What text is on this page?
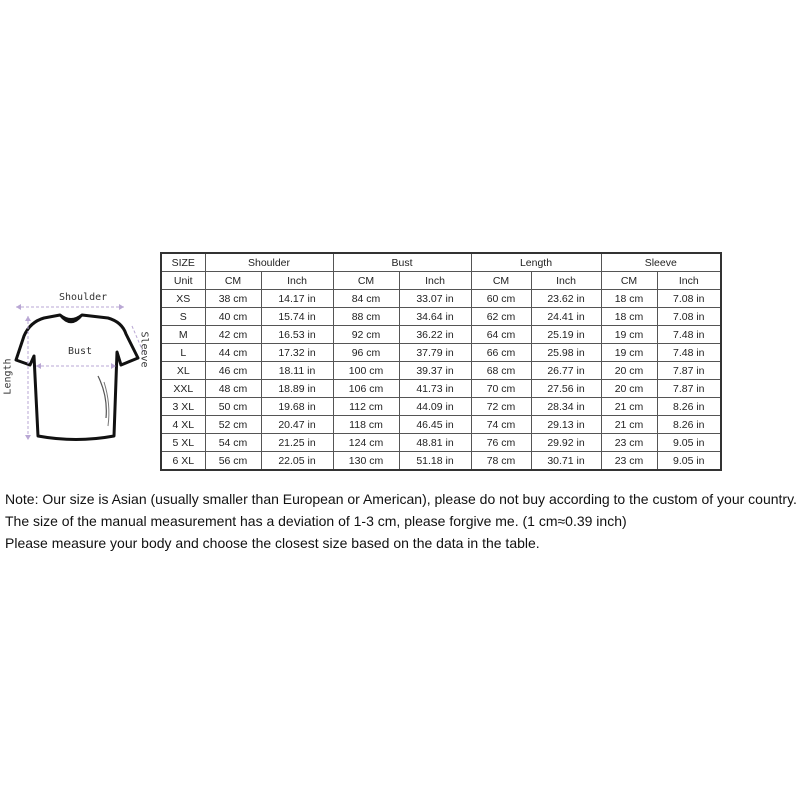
Shoulder
Bust
Length
Sleeve
SIZE	Shoulder		Bust		Length		Sleeve	
Unit	CM	Inch	CM	Inch	CM	Inch	CM	Inch
XS	38 cm	14.17 in	84 cm	33.07 in	60 cm	23.62 in	18 cm	7.08 in
S	40 cm	15.74 in	88 cm	34.64 in	62 cm	24.41 in	18 cm	7.08 in
M	42 cm	16.53 in	92 cm	36.22 in	64 cm	25.19 in	19 cm	7.48 in
L	44 cm	17.32 in	96 cm	37.79 in	66 cm	25.98 in	19 cm	7.48 in
XL	46 cm	18.11 in	100 cm	39.37 in	68 cm	26.77 in	20 cm	7.87 in
XXL	48 cm	18.89 in	106 cm	41.73 in	70 cm	27.56 in	20 cm	7.87 in
3 XL	50 cm	19.68 in	112 cm	44.09 in	72 cm	28.34 in	21 cm	8.26 in
4 XL	52 cm	20.47 in	118 cm	46.45 in	74 cm	29.13 in	21 cm	8.26 in
5 XL	54 cm	21.25 in	124 cm	48.81 in	76 cm	29.92 in	23 cm	9.05 in
6 XL	56 cm	22.05 in	130 cm	51.18 in	78 cm	30.71 in	23 cm	9.05 in

Note: Our size is Asian (usually smaller than European or American), please do not buy according to the custom of your country.

The size of the manual measurement has a deviation of 1-3 cm, please forgive me. (1 cm≈0.39 inch)

Please measure your body and choose the closest size based on the data in the table.
